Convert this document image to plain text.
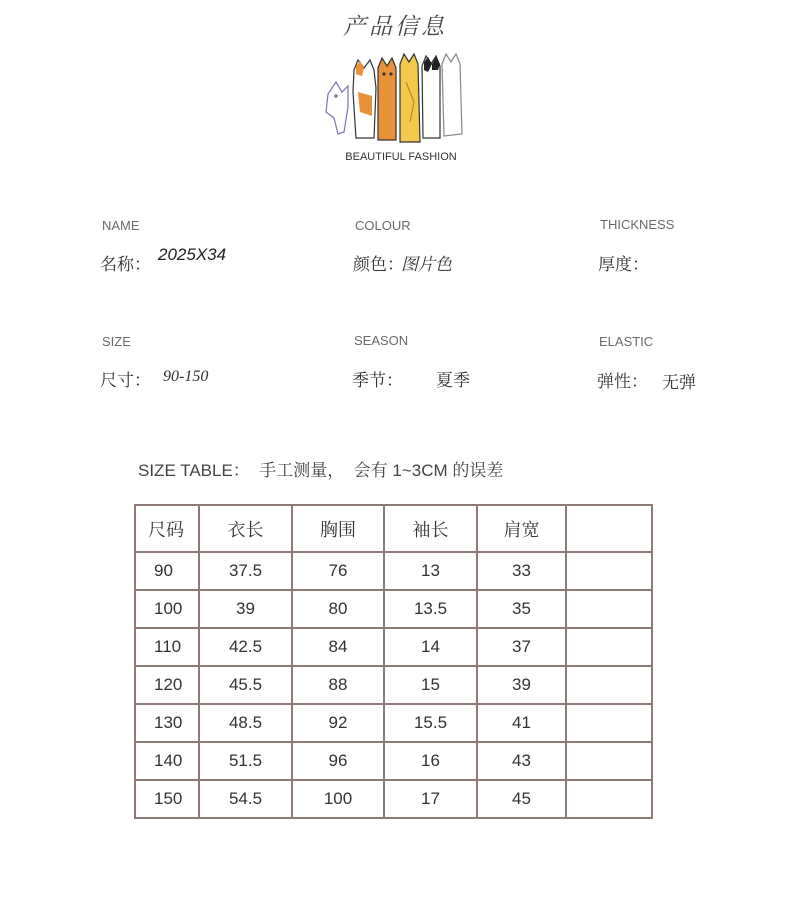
产品信息
BEAUTIFUL FASHION
NAME
名称：
2025X34
COLOUR
颜色：
图片色
THICKNESS
厚度：
SIZE
尺寸： 90-150
SEASON
季节： 夏季
ELASTIC
弹性： 无弹
SIZE TABLE：  手工测量，  会有 1~3CM 的误差
尺码	衣长	胸围	袖长	肩宽	
90	37.5	76	13	33	
100	39	80	13.5	35	
110	42.5	84	14	37	
120	45.5	88	15	39	
130	48.5	92	15.5	41	
140	51.5	96	16	43	
150	54.5	100	17	45	
